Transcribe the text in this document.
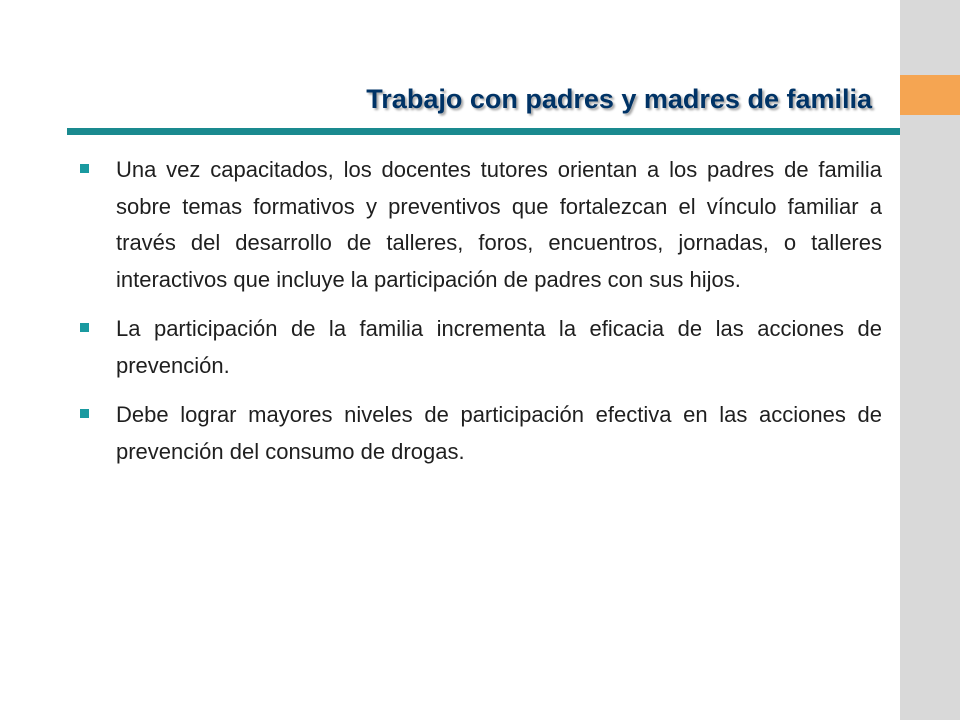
Trabajo con padres y madres de familia
Una vez capacitados, los docentes tutores orientan a los padres de familia sobre temas formativos y preventivos que fortalezcan el vínculo familiar a través del desarrollo de talleres, foros, encuentros, jornadas, o talleres interactivos que incluye la participación de padres con sus hijos.
La participación de la familia incrementa la eficacia de las acciones de prevención.
Debe lograr mayores niveles de participación efectiva en las acciones de prevención del consumo de drogas.
